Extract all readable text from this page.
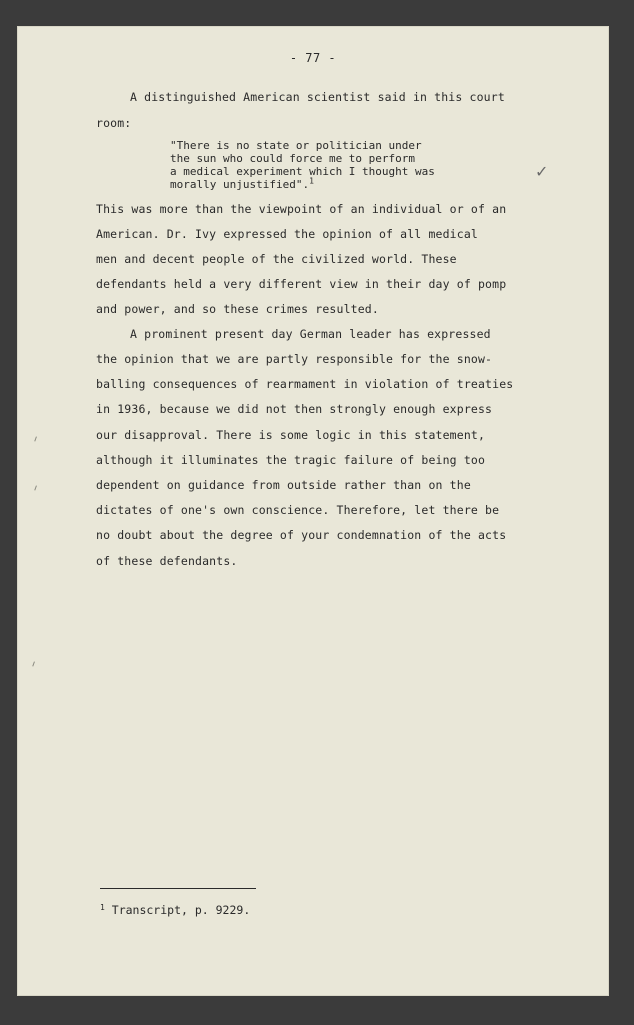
- 77 -
A distinguished American scientist said in this court
room:
"There is no state or politician under
the sun who could force me to perform
a medical experiment which I thought was
morally unjustified".$^1$	✓
This was more than the viewpoint of an individual or of an
American. Dr. Ivy expressed the opinion of all medical
men and decent people of the civilized world. These
defendants held a very different view in their day of pomp
and power, and so these crimes resulted.
A prominent present day German leader has expressed
the opinion that we are partly responsible for the snow-
balling consequences of rearmament in violation of treaties
in 1936, because we did not then strongly enough express
our disapproval. There is some logic in this statement,
although it illuminates the tragic failure of being too
dependent on guidance from outside rather than on the
dictates of one's own conscience. Therefore, let there be
no doubt about the degree of your condemnation of the acts
of these defendants.
$^1$ Transcript, p. 9229.
